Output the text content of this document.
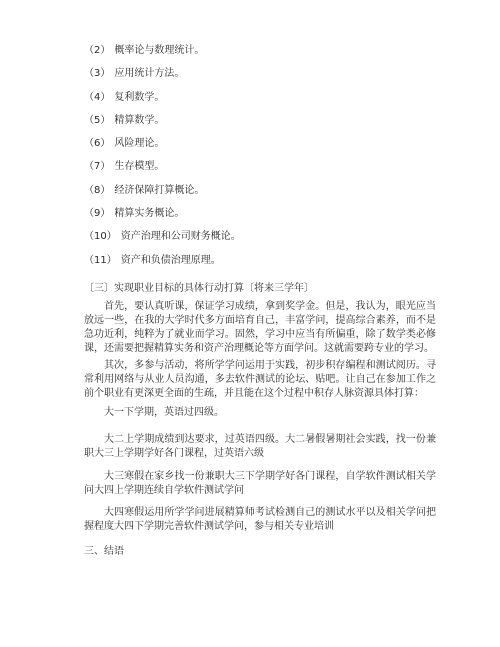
（2） 概率论与数理统计。
（3） 应用统计方法。
（4） 复利数学。
（5） 精算数学。
（6） 风险理论。
（7） 生存模型。
（8） 经济保障打算概论。
（9） 精算实务概论。
（10） 资产治理和公司财务概论。
（11） 资产和负债治理原理。
〔三〕实现职业目标的具体行动打算〔将来三学年〕

首先，要认真听课，保证学习成绩，拿到奖学金。但是，我认为，眼光应当放远一些，在我的大学时代多方面培育自己，丰富学问，提高综合素养，而不是急功近利，纯粹为了就业而学习。固然，学习中应当有所偏重，除了数学类必修课，还需要把握精算实务和资产治理概论等方面学问。这就需要跨专业的学习。

其次，多参与活动，将所学学问运用于实践，初步积存编程和测试阅历。寻常利用网络与从业人员沟通，多去软件测试的论坛、贴吧。让自己在参加工作之前个职业有更深更全面的生疏，并且能在这个过程中积存人脉资源具体打算：

大一下学期，英语过四级。

大二上学期成绩到达要求，过英语四级。大二暑假暑期社会实践，找一份兼职大三上学期学好各门课程，过英语六级

大三寒假在家乡找一份兼职大三下学期学好各门课程，自学软件测试相关学问大四上学期连续自学软件测试学问

大四寒假运用所学学问进展精算师考试检测自己的测试水平以及相关学问把握程度大四下学期完善软件测试学问，参与相关专业培训

三、结语
